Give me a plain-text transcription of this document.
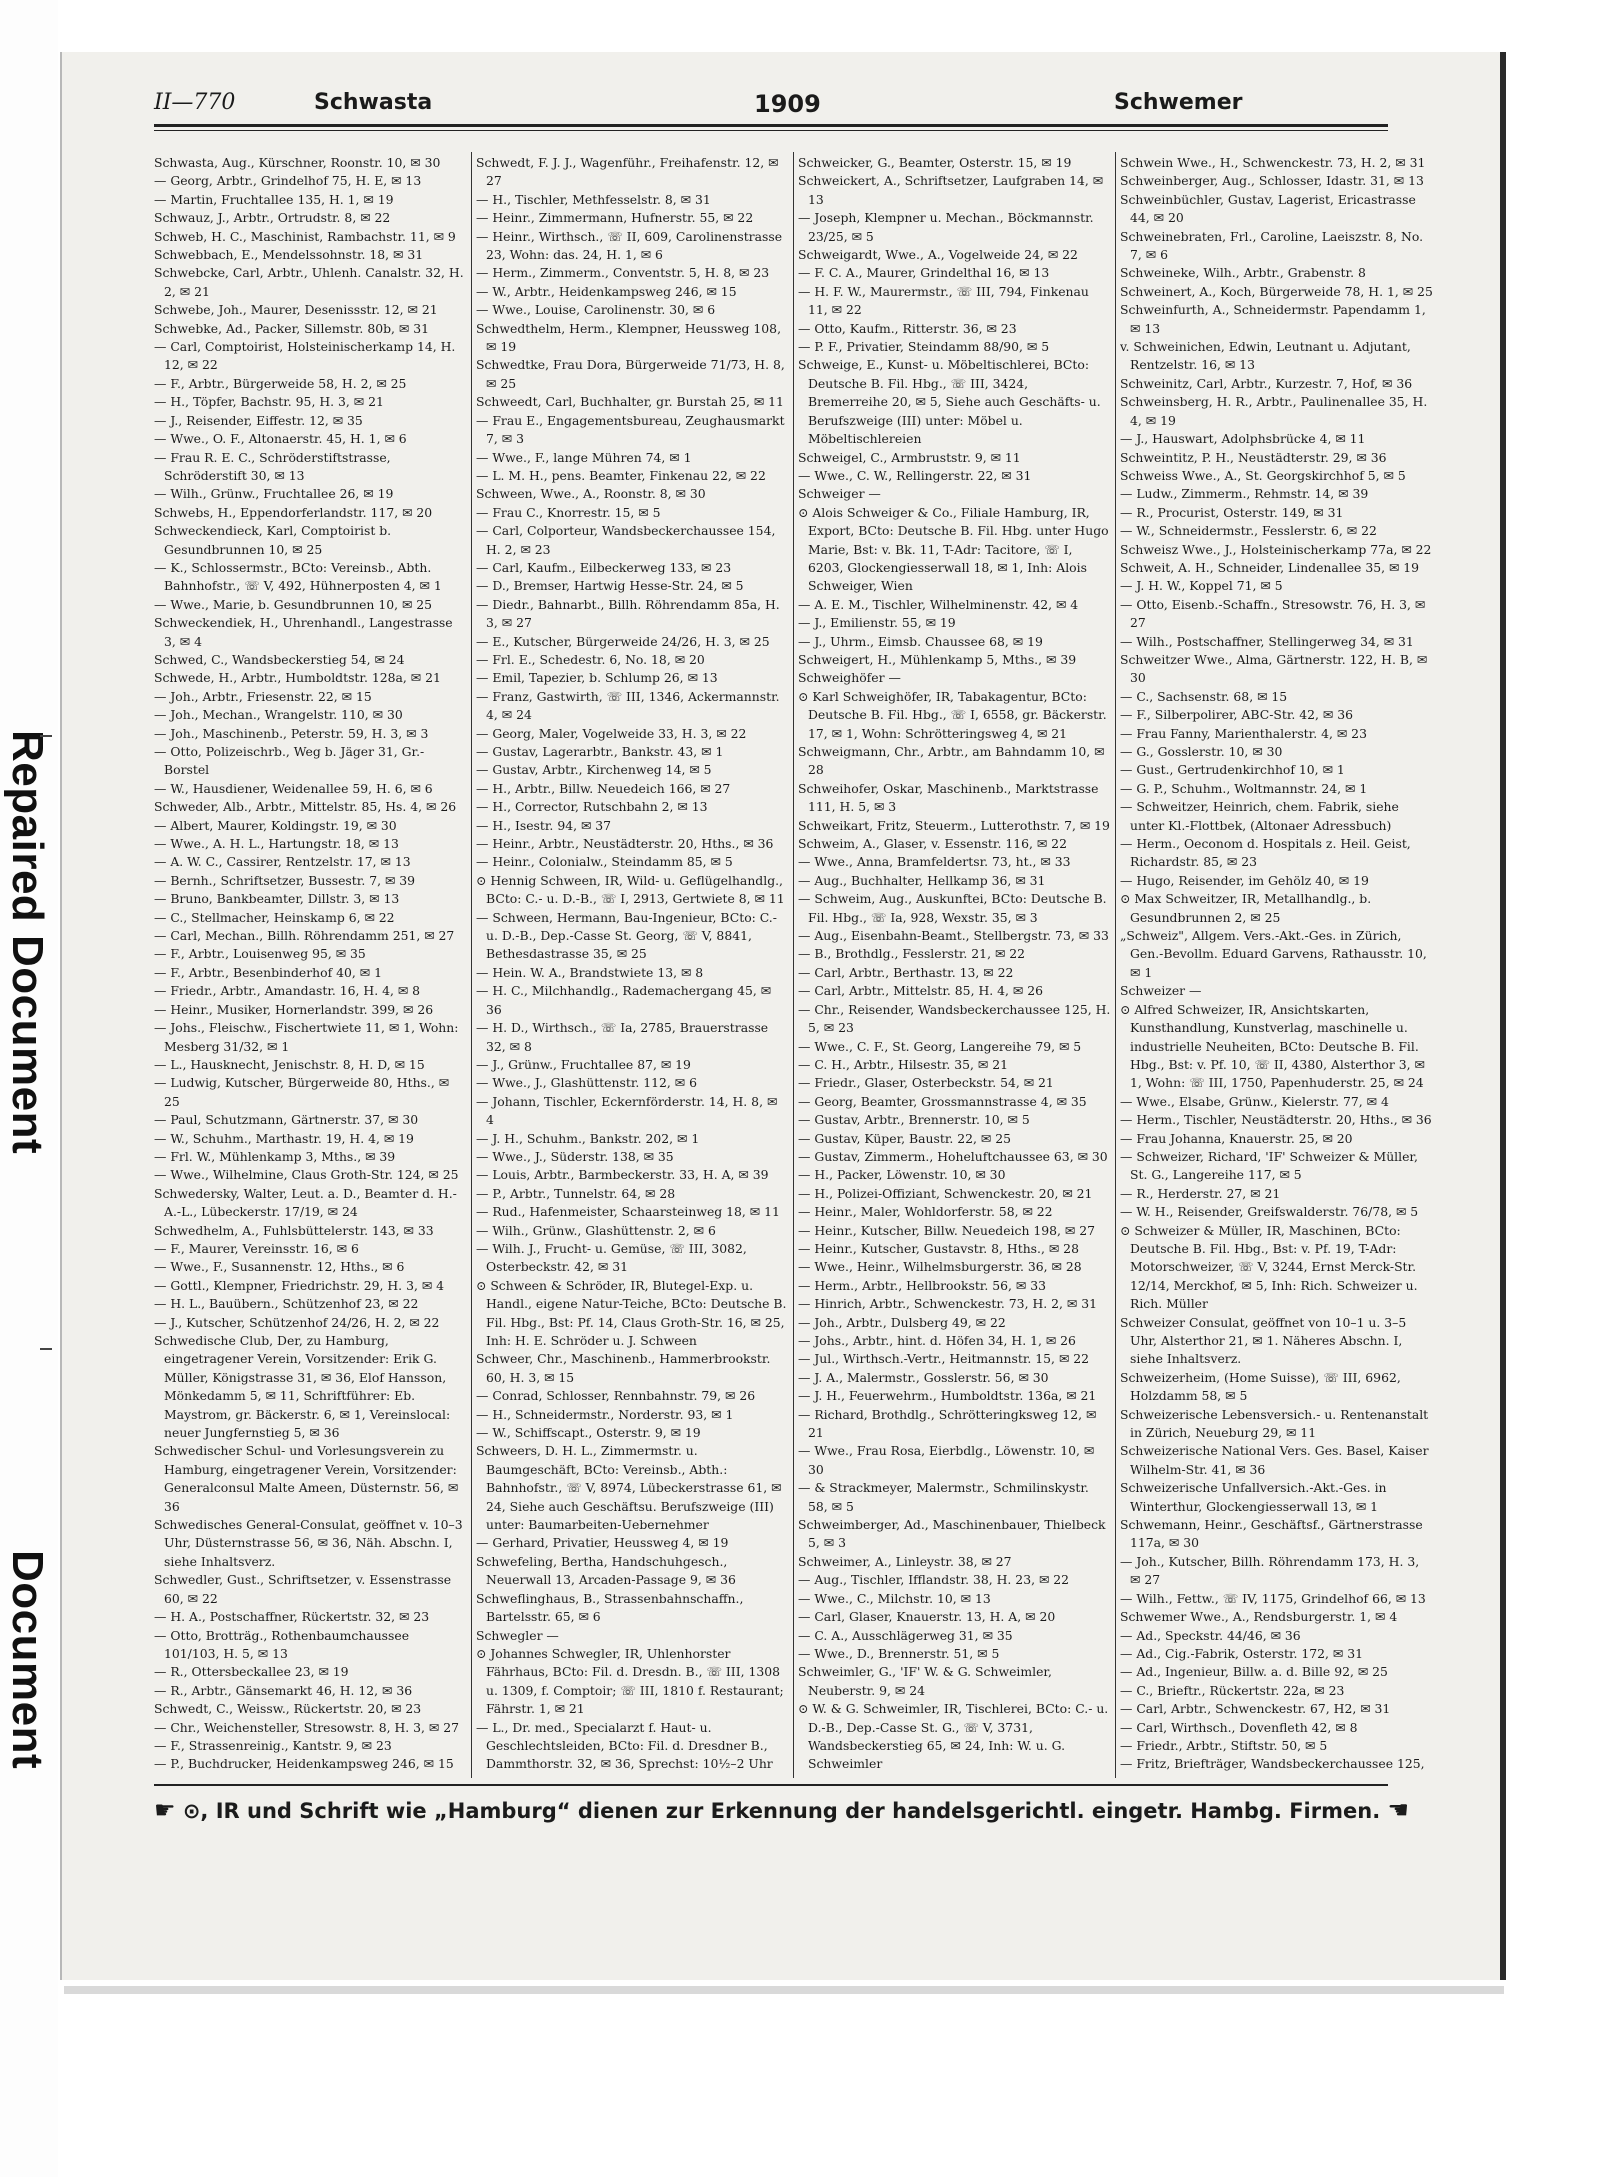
Repaired Document
Document
II—770	Schwasta	1909	Schwemer

Schwasta, Aug., Kürschner, Roonstr. 10, ✉ 30

— Georg, Arbtr., Grindelhof 75, H. E, ✉ 13

— Martin, Fruchtallee 135, H. 1, ✉ 19

Schwauz, J., Arbtr., Ortrudstr. 8, ✉ 22

Schweb, H. C., Maschinist, Rambachstr. 11, ✉ 9

Schwebbach, E., Mendelssohnstr. 18, ✉ 31

Schwebcke, Carl, Arbtr., Uhlenh. Canalstr. 32, H. 2, ✉ 21

Schwebe, Joh., Maurer, Desenissstr. 12, ✉ 21

Schwebke, Ad., Packer, Sillemstr. 80b, ✉ 31

— Carl, Comptoirist, Holsteinischerkamp 14, H. 12, ✉ 22

— F., Arbtr., Bürgerweide 58, H. 2, ✉ 25

— H., Töpfer, Bachstr. 95, H. 3, ✉ 21

— J., Reisender, Eiffestr. 12, ✉ 35

— Wwe., O. F., Altonaerstr. 45, H. 1, ✉ 6

— Frau R. E. C., Schröderstiftstrasse, Schröderstift 30, ✉ 13

— Wilh., Grünw., Fruchtallee 26, ✉ 19

Schwebs, H., Eppendorferlandstr. 117, ✉ 20

Schweckendieck, Karl, Comptoirist b. Gesundbrunnen 10, ✉ 25

— K., Schlossermstr., BCto: Vereinsb., Abth. Bahnhofstr., ☏ V, 492, Hühnerposten 4, ✉ 1

— Wwe., Marie, b. Gesundbrunnen 10, ✉ 25

Schweckendiek, H., Uhrenhandl., Langestrasse 3, ✉ 4

Schwed, C., Wandsbeckerstieg 54, ✉ 24

Schwede, H., Arbtr., Humboldtstr. 128a, ✉ 21

— Joh., Arbtr., Friesenstr. 22, ✉ 15

— Joh., Mechan., Wrangelstr. 110, ✉ 30

— Joh., Maschinenb., Peterstr. 59, H. 3, ✉ 3

— Otto, Polizeischrb., Weg b. Jäger 31, Gr.-Borstel

— W., Hausdiener, Weidenallee 59, H. 6, ✉ 6

Schweder, Alb., Arbtr., Mittelstr. 85, Hs. 4, ✉ 26

— Albert, Maurer, Koldingstr. 19, ✉ 30

— Wwe., A. H. L., Hartungstr. 18, ✉ 13

— A. W. C., Cassirer, Rentzelstr. 17, ✉ 13

— Bernh., Schriftsetzer, Bussestr. 7, ✉ 39

— Bruno, Bankbeamter, Dillstr. 3, ✉ 13

— C., Stellmacher, Heinskamp 6, ✉ 22

— Carl, Mechan., Billh. Röhrendamm 251, ✉ 27

— F., Arbtr., Louisenweg 95, ✉ 35

— F., Arbtr., Besenbinderhof 40, ✉ 1

— Friedr., Arbtr., Amandastr. 16, H. 4, ✉ 8

— Heinr., Musiker, Hornerlandstr. 399, ✉ 26

— Johs., Fleischw., Fischertwiete 11, ✉ 1, Wohn: Mesberg 31/32, ✉ 1

— L., Hausknecht, Jenischstr. 8, H. D, ✉ 15

— Ludwig, Kutscher, Bürgerweide 80, Hths., ✉ 25

— Paul, Schutzmann, Gärtnerstr. 37, ✉ 30

— W., Schuhm., Marthastr. 19, H. 4, ✉ 19

— Frl. W., Mühlenkamp 3, Mths., ✉ 39

— Wwe., Wilhelmine, Claus Groth-Str. 124, ✉ 25

Schwedersky, Walter, Leut. a. D., Beamter d. H.-A.-L., Lübeckerstr. 17/19, ✉ 24

Schwedhelm, A., Fuhlsbüttelerstr. 143, ✉ 33

— F., Maurer, Vereinsstr. 16, ✉ 6

— Wwe., F., Susannenstr. 12, Hths., ✉ 6

— Gottl., Klempner, Friedrichstr. 29, H. 3, ✉ 4

— H. L., Bauübern., Schützenhof 23, ✉ 22

— J., Kutscher, Schützenhof 24/26, H. 2, ✉ 22

Schwedische Club, Der, zu Hamburg, eingetragener Verein, Vorsitzender: Erik G. Müller, Königstrasse 31, ✉ 36, Elof Hansson, Mönkedamm 5, ✉ 11, Schriftführer: Eb. Maystrom, gr. Bäckerstr. 6, ✉ 1, Vereinslocal: neuer Jungfernstieg 5, ✉ 36

Schwedischer Schul- und Vorlesungsverein zu Hamburg, eingetragener Verein, Vorsitzender: Generalconsul Malte Ameen, Düsternstr. 56, ✉ 36

Schwedisches General-Consulat, geöffnet v. 10–3 Uhr, Düsternstrasse 56, ✉ 36, Näh. Abschn. I, siehe Inhaltsverz.

Schwedler, Gust., Schriftsetzer, v. Essenstrasse 60, ✉ 22

— H. A., Postschaffner, Rückertstr. 32, ✉ 23

— Otto, Brotträg., Rothenbaumchaussee 101/103, H. 5, ✉ 13

— R., Ottersbeckallee 23, ✉ 19

— R., Arbtr., Gänsemarkt 46, H. 12, ✉ 36

Schwedt, C., Weissw., Rückertstr. 20, ✉ 23

— Chr., Weichensteller, Stresowstr. 8, H. 3, ✉ 27

— F., Strassenreinig., Kantstr. 9, ✉ 23

— P., Buchdrucker, Heidenkampsweg 246, ✉ 15

Schwedt, F. J. J., Wagenführ., Freihafenstr. 12, ✉ 27

— H., Tischler, Methfesselstr. 8, ✉ 31

— Heinr., Zimmermann, Hufnerstr. 55, ✉ 22

— Heinr., Wirthsch., ☏ II, 609, Carolinenstrasse 23, Wohn: das. 24, H. 1, ✉ 6

— Herm., Zimmerm., Conventstr. 5, H. 8, ✉ 23

— W., Arbtr., Heidenkampsweg 246, ✉ 15

— Wwe., Louise, Carolinenstr. 30, ✉ 6

Schwedthelm, Herm., Klempner, Heussweg 108, ✉ 19

Schwedtke, Frau Dora, Bürgerweide 71/73, H. 8, ✉ 25

Schweedt, Carl, Buchhalter, gr. Burstah 25, ✉ 11

— Frau E., Engagementsbureau, Zeughausmarkt 7, ✉ 3

— Wwe., F., lange Mühren 74, ✉ 1

— L. M. H., pens. Beamter, Finkenau 22, ✉ 22

Schween, Wwe., A., Roonstr. 8, ✉ 30

— Frau C., Knorrestr. 15, ✉ 5

— Carl, Colporteur, Wandsbeckerchaussee 154, H. 2, ✉ 23

— Carl, Kaufm., Eilbeckerweg 133, ✉ 23

— D., Bremser, Hartwig Hesse-Str. 24, ✉ 5

— Diedr., Bahnarbt., Billh. Röhrendamm 85a, H. 3, ✉ 27

— E., Kutscher, Bürgerweide 24/26, H. 3, ✉ 25

— Frl. E., Schedestr. 6, No. 18, ✉ 20

— Emil, Tapezier, b. Schlump 26, ✉ 13

— Franz, Gastwirth, ☏ III, 1346, Ackermannstr. 4, ✉ 24

— Georg, Maler, Vogelweide 33, H. 3, ✉ 22

— Gustav, Lagerarbtr., Bankstr. 43, ✉ 1

— Gustav, Arbtr., Kirchenweg 14, ✉ 5

— H., Arbtr., Billw. Neuedeich 166, ✉ 27

— H., Corrector, Rutschbahn 2, ✉ 13

— H., Isestr. 94, ✉ 37

— Heinr., Arbtr., Neustädterstr. 20, Hths., ✉ 36

— Heinr., Colonialw., Steindamm 85, ✉ 5

⊙ Hennig Schween, IR, Wild- u. Geflügelhandlg., BCto: C.- u. D.-B., ☏ I, 2913, Gertwiete 8, ✉ 11

— Schween, Hermann, Bau-Ingenieur, BCto: C.- u. D.-B., Dep.-Casse St. Georg, ☏ V, 8841, Bethesdastrasse 35, ✉ 25

— Hein. W. A., Brandstwiete 13, ✉ 8

— H. C., Milchhandlg., Rademachergang 45, ✉ 36

— H. D., Wirthsch., ☏ Ia, 2785, Brauerstrasse 32, ✉ 8

— J., Grünw., Fruchtallee 87, ✉ 19

— Wwe., J., Glashüttenstr. 112, ✉ 6

— Johann, Tischler, Eckernförderstr. 14, H. 8, ✉ 4

— J. H., Schuhm., Bankstr. 202, ✉ 1

— Wwe., J., Süderstr. 138, ✉ 35

— Louis, Arbtr., Barmbeckerstr. 33, H. A, ✉ 39

— P., Arbtr., Tunnelstr. 64, ✉ 28

— Rud., Hafenmeister, Schaarsteinweg 18, ✉ 11

— Wilh., Grünw., Glashüttenstr. 2, ✉ 6

— Wilh. J., Frucht- u. Gemüse, ☏ III, 3082, Osterbeckstr. 42, ✉ 31

⊙ Schween & Schröder, IR, Blutegel-Exp. u. Handl., eigene Natur-Teiche, BCto: Deutsche B. Fil. Hbg., Bst: Pf. 14, Claus Groth-Str. 16, ✉ 25, Inh: H. E. Schröder u. J. Schween

Schweer, Chr., Maschinenb., Hammerbrookstr. 60, H. 3, ✉ 15

— Conrad, Schlosser, Rennbahnstr. 79, ✉ 26

— H., Schneidermstr., Norderstr. 93, ✉ 1

— W., Schiffscapt., Osterstr. 9, ✉ 19

Schweers, D. H. L., Zimmermstr. u. Baumgeschäft, BCto: Vereinsb., Abth.: Bahnhofstr., ☏ V, 8974, Lübeckerstrasse 61, ✉ 24, Siehe auch Geschäftsu. Berufszweige (III) unter: Baumarbeiten-Uebernehmer

— Gerhard, Privatier, Heussweg 4, ✉ 19

Schwefeling, Bertha, Handschuhgesch., Neuerwall 13, Arcaden-Passage 9, ✉ 36

Schweflinghaus, B., Strassenbahnschaffn., Bartelsstr. 65, ✉ 6

Schwegler —

⊙ Johannes Schwegler, IR, Uhlenhorster Fährhaus, BCto: Fil. d. Dresdn. B., ☏ III, 1308 u. 1309, f. Comptoir; ☏ III, 1810 f. Restaurant; Fährstr. 1, ✉ 21

— L., Dr. med., Specialarzt f. Haut- u. Geschlechtsleiden, BCto: Fil. d. Dresdner B., Dammthorstr. 32, ✉ 36, Sprechst: 10½–2 Uhr

Schweicker, G., Beamter, Osterstr. 15, ✉ 19

Schweickert, A., Schriftsetzer, Laufgraben 14, ✉ 13

— Joseph, Klempner u. Mechan., Böckmannstr. 23/25, ✉ 5

Schweigardt, Wwe., A., Vogelweide 24, ✉ 22

— F. C. A., Maurer, Grindelthal 16, ✉ 13

— H. F. W., Maurermstr., ☏ III, 794, Finkenau 11, ✉ 22

— Otto, Kaufm., Ritterstr. 36, ✉ 23

— P. F., Privatier, Steindamm 88/90, ✉ 5

Schweige, E., Kunst- u. Möbeltischlerei, BCto: Deutsche B. Fil. Hbg., ☏ III, 3424, Bremerreihe 20, ✉ 5, Siehe auch Geschäfts- u. Berufszweige (III) unter: Möbel u. Möbeltischlereien

Schweigel, C., Armbruststr. 9, ✉ 11

— Wwe., C. W., Rellingerstr. 22, ✉ 31

Schweiger —

⊙ Alois Schweiger & Co., Filiale Hamburg, IR, Export, BCto: Deutsche B. Fil. Hbg. unter Hugo Marie, Bst: v. Bk. 11, T-Adr: Tacitore, ☏ I, 6203, Glockengiesserwall 18, ✉ 1, Inh: Alois Schweiger, Wien

— A. E. M., Tischler, Wilhelminenstr. 42, ✉ 4

— J., Emilienstr. 55, ✉ 19

— J., Uhrm., Eimsb. Chaussee 68, ✉ 19

Schweigert, H., Mühlenkamp 5, Mths., ✉ 39

Schweighöfer —

⊙ Karl Schweighöfer, IR, Tabakagentur, BCto: Deutsche B. Fil. Hbg., ☏ I, 6558, gr. Bäckerstr. 17, ✉ 1, Wohn: Schrötteringsweg 4, ✉ 21

Schweigmann, Chr., Arbtr., am Bahndamm 10, ✉ 28

Schweihofer, Oskar, Maschinenb., Marktstrasse 111, H. 5, ✉ 3

Schweikart, Fritz, Steuerm., Lutterothstr. 7, ✉ 19

Schweim, A., Glaser, v. Essenstr. 116, ✉ 22

— Wwe., Anna, Bramfeldertsr. 73, ht., ✉ 33

— Aug., Buchhalter, Hellkamp 36, ✉ 31

— Schweim, Aug., Auskunftei, BCto: Deutsche B. Fil. Hbg., ☏ Ia, 928, Wexstr. 35, ✉ 3

— Aug., Eisenbahn-Beamt., Stellbergstr. 73, ✉ 33

— B., Brothdlg., Fesslerstr. 21, ✉ 22

— Carl, Arbtr., Berthastr. 13, ✉ 22

— Carl, Arbtr., Mittelstr. 85, H. 4, ✉ 26

— Chr., Reisender, Wandsbeckerchaussee 125, H. 5, ✉ 23

— Wwe., C. F., St. Georg, Langereihe 79, ✉ 5

— C. H., Arbtr., Hilsestr. 35, ✉ 21

— Friedr., Glaser, Osterbeckstr. 54, ✉ 21

— Georg, Beamter, Grossmannstrasse 4, ✉ 35

— Gustav, Arbtr., Brennerstr. 10, ✉ 5

— Gustav, Küper, Baustr. 22, ✉ 25

— Gustav, Zimmerm., Hoheluftchaussee 63, ✉ 30

— H., Packer, Löwenstr. 10, ✉ 30

— H., Polizei-Offiziant, Schwenckestr. 20, ✉ 21

— Heinr., Maler, Wohldorferstr. 58, ✉ 22

— Heinr., Kutscher, Billw. Neuedeich 198, ✉ 27

— Heinr., Kutscher, Gustavstr. 8, Hths., ✉ 28

— Wwe., Heinr., Wilhelmsburgerstr. 36, ✉ 28

— Herm., Arbtr., Hellbrookstr. 56, ✉ 33

— Hinrich, Arbtr., Schwenckestr. 73, H. 2, ✉ 31

— Joh., Arbtr., Dulsberg 49, ✉ 22

— Johs., Arbtr., hint. d. Höfen 34, H. 1, ✉ 26

— Jul., Wirthsch.-Vertr., Heitmannstr. 15, ✉ 22

— J. A., Malermstr., Gosslerstr. 56, ✉ 30

— J. H., Feuerwehrm., Humboldtstr. 136a, ✉ 21

— Richard, Brothdlg., Schrötteringksweg 12, ✉ 21

— Wwe., Frau Rosa, Eierbdlg., Löwenstr. 10, ✉ 30

— & Strackmeyer, Malermstr., Schmilinskystr. 58, ✉ 5

Schweimberger, Ad., Maschinenbauer, Thielbeck 5, ✉ 3

Schweimer, A., Linleystr. 38, ✉ 27

— Aug., Tischler, Ifflandstr. 38, H. 23, ✉ 22

— Wwe., C., Milchstr. 10, ✉ 13

— Carl, Glaser, Knauerstr. 13, H. A, ✉ 20

— C. A., Ausschlägerweg 31, ✉ 35

— Wwe., D., Brennerstr. 51, ✉ 5

Schweimler, G., 'IF' W. & G. Schweimler, Neuberstr. 9, ✉ 24

⊙ W. & G. Schweimler, IR, Tischlerei, BCto: C.- u. D.-B., Dep.-Casse St. G., ☏ V, 3731, Wandsbeckerstieg 65, ✉ 24, Inh: W. u. G. Schweimler

Schwein Wwe., H., Schwenckestr. 73, H. 2, ✉ 31

Schweinberger, Aug., Schlosser, Idastr. 31, ✉ 13

Schweinbüchler, Gustav, Lagerist, Ericastrasse 44, ✉ 20

Schweinebraten, Frl., Caroline, Laeiszstr. 8, No. 7, ✉ 6

Schweineke, Wilh., Arbtr., Grabenstr. 8

Schweinert, A., Koch, Bürgerweide 78, H. 1, ✉ 25

Schweinfurth, A., Schneidermstr. Papendamm 1, ✉ 13

v. Schweinichen, Edwin, Leutnant u. Adjutant, Rentzelstr. 16, ✉ 13

Schweinitz, Carl, Arbtr., Kurzestr. 7, Hof, ✉ 36

Schweinsberg, H. R., Arbtr., Paulinenallee 35, H. 4, ✉ 19

— J., Hauswart, Adolphsbrücke 4, ✉ 11

Schweintitz, P. H., Neustädterstr. 29, ✉ 36

Schweiss Wwe., A., St. Georgskirchhof 5, ✉ 5

— Ludw., Zimmerm., Rehmstr. 14, ✉ 39

— R., Procurist, Osterstr. 149, ✉ 31

— W., Schneidermstr., Fesslerstr. 6, ✉ 22

Schweisz Wwe., J., Holsteinischerkamp 77a, ✉ 22

Schweit, A. H., Schneider, Lindenallee 35, ✉ 19

— J. H. W., Koppel 71, ✉ 5

— Otto, Eisenb.-Schaffn., Stresowstr. 76, H. 3, ✉ 27

— Wilh., Postschaffner, Stellingerweg 34, ✉ 31

Schweitzer Wwe., Alma, Gärtnerstr. 122, H. B, ✉ 30

— C., Sachsenstr. 68, ✉ 15

— F., Silberpolirer, ABC-Str. 42, ✉ 36

— Frau Fanny, Marienthalerstr. 4, ✉ 23

— G., Gosslerstr. 10, ✉ 30

— Gust., Gertrudenkirchhof 10, ✉ 1

— G. P., Schuhm., Woltmannstr. 24, ✉ 1

— Schweitzer, Heinrich, chem. Fabrik, siehe unter Kl.-Flottbek, (Altonaer Adressbuch)

— Herm., Oeconom d. Hospitals z. Heil. Geist, Richardstr. 85, ✉ 23

— Hugo, Reisender, im Gehölz 40, ✉ 19

⊙ Max Schweitzer, IR, Metallhandlg., b. Gesundbrunnen 2, ✉ 25

„Schweiz", Allgem. Vers.-Akt.-Ges. in Zürich, Gen.-Bevollm. Eduard Garvens, Rathausstr. 10, ✉ 1

Schweizer —

⊙ Alfred Schweizer, IR, Ansichtskarten, Kunsthandlung, Kunstverlag, maschinelle u. industrielle Neuheiten, BCto: Deutsche B. Fil. Hbg., Bst: v. Pf. 10, ☏ II, 4380, Alsterthor 3, ✉ 1, Wohn: ☏ III, 1750, Papenhuderstr. 25, ✉ 24

— Wwe., Elsabe, Grünw., Kielerstr. 77, ✉ 4

— Herm., Tischler, Neustädterstr. 20, Hths., ✉ 36

— Frau Johanna, Knauerstr. 25, ✉ 20

— Schweizer, Richard, 'IF' Schweizer & Müller, St. G., Langereihe 117, ✉ 5

— R., Herderstr. 27, ✉ 21

— W. H., Reisender, Greifswalderstr. 76/78, ✉ 5

⊙ Schweizer & Müller, IR, Maschinen, BCto: Deutsche B. Fil. Hbg., Bst: v. Pf. 19, T-Adr: Motorschweizer, ☏ V, 3244, Ernst Merck-Str. 12/14, Merckhof, ✉ 5, Inh: Rich. Schweizer u. Rich. Müller

Schweizer Consulat, geöffnet von 10–1 u. 3–5 Uhr, Alsterthor 21, ✉ 1. Näheres Abschn. I, siehe Inhaltsverz.

Schweizerheim, (Home Suisse), ☏ III, 6962, Holzdamm 58, ✉ 5

Schweizerische Lebensversich.- u. Rentenanstalt in Zürich, Neueburg 29, ✉ 11

Schweizerische National Vers. Ges. Basel, Kaiser Wilhelm-Str. 41, ✉ 36

Schweizerische Unfallversich.-Akt.-Ges. in Winterthur, Glockengiesserwall 13, ✉ 1

Schwemann, Heinr., Geschäftsf., Gärtnerstrasse 117a, ✉ 30

— Joh., Kutscher, Billh. Röhrendamm 173, H. 3, ✉ 27

— Wilh., Fettw., ☏ IV, 1175, Grindelhof 66, ✉ 13

Schwemer Wwe., A., Rendsburgerstr. 1, ✉ 4

— Ad., Speckstr. 44/46, ✉ 36

— Ad., Cig.-Fabrik, Osterstr. 172, ✉ 31

— Ad., Ingenieur, Billw. a. d. Bille 92, ✉ 25

— C., Brieftr., Rückertstr. 22a, ✉ 23

— Carl, Arbtr., Schwenckestr. 67, H2, ✉ 31

— Carl, Wirthsch., Dovenfleth 42, ✉ 8

— Friedr., Arbtr., Stiftstr. 50, ✉ 5

— Fritz, Briefträger, Wandsbeckerchaussee 125,

☛ ⊙, IR und Schrift wie „Hamburg“ dienen zur Erkennung der handelsgerichtl. eingetr. Hambg. Firmen. ☚
